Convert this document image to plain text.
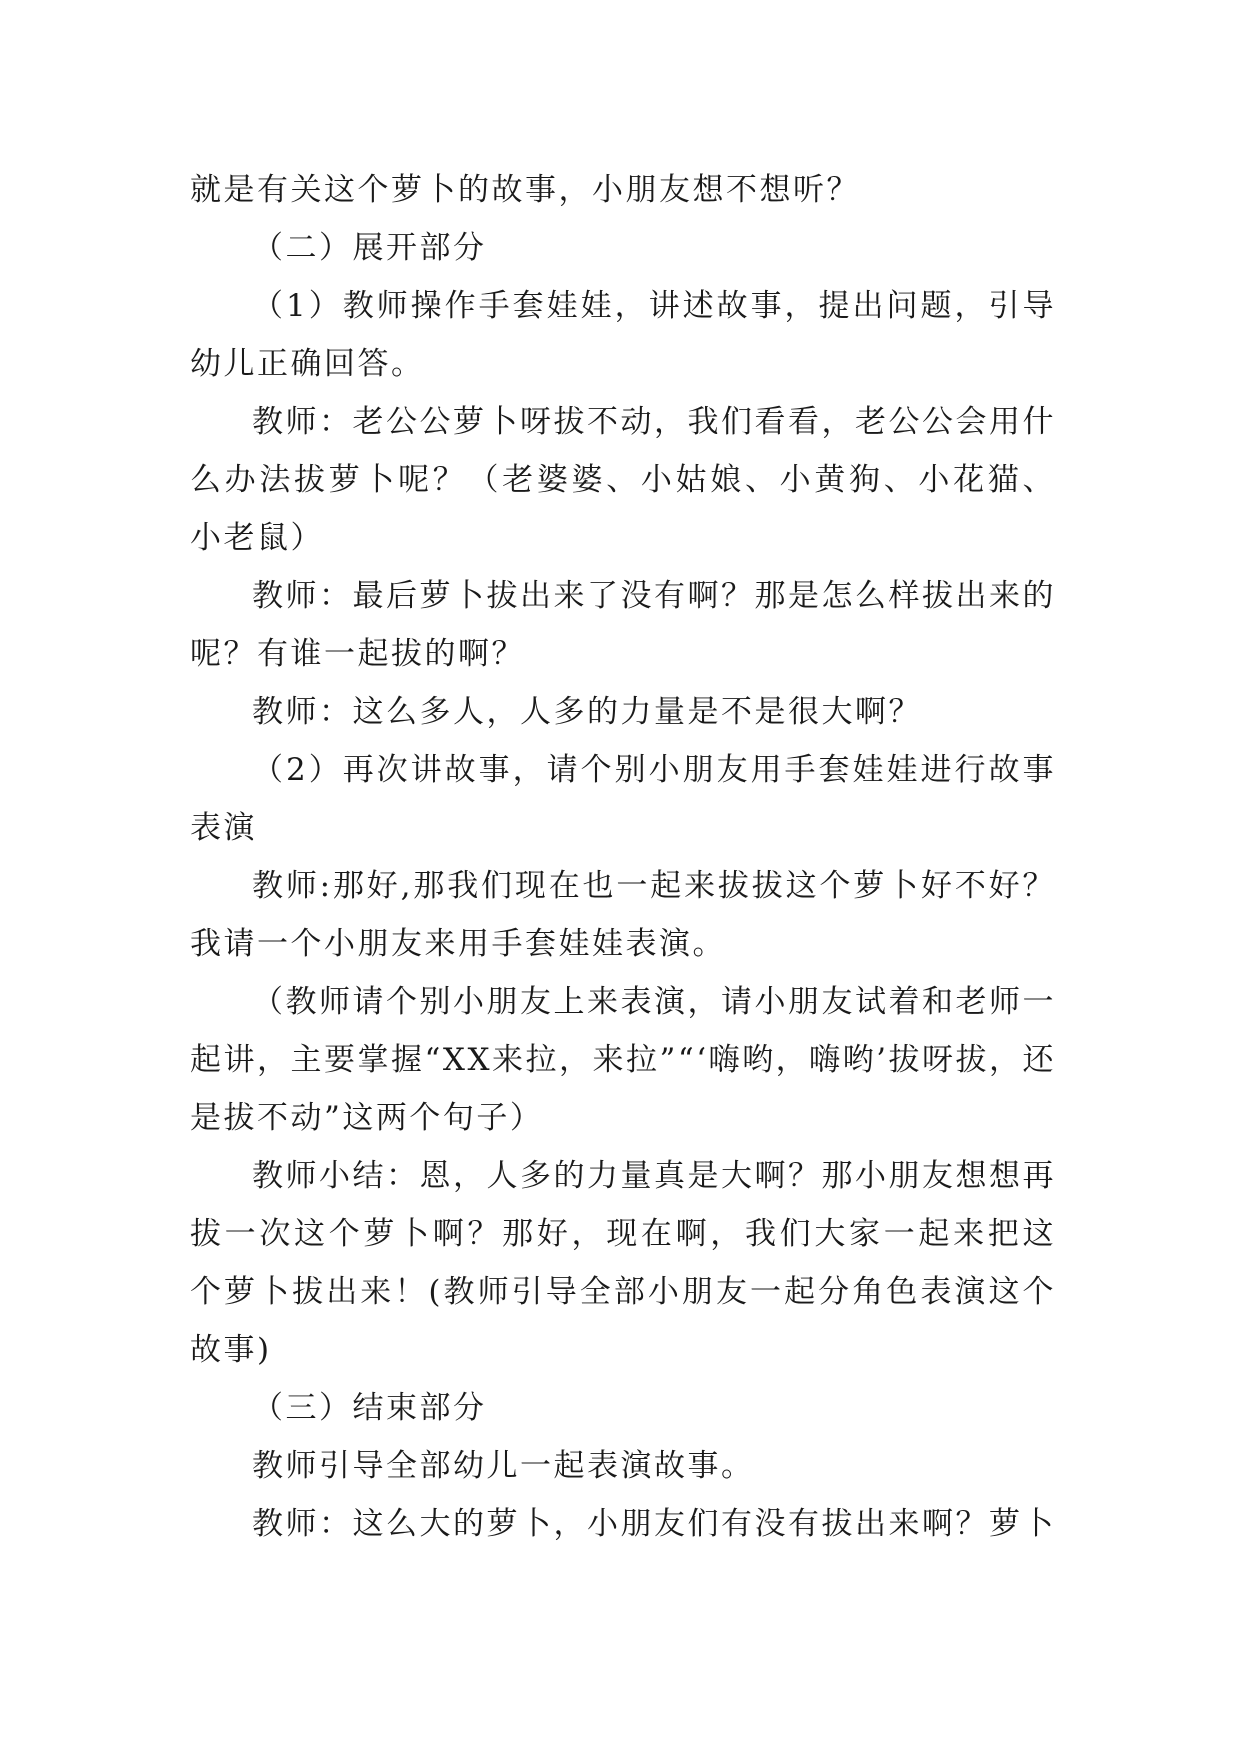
就是有关这个萝卜的故事，小朋友想不想听？

（二）展开部分

（1）教师操作手套娃娃，讲述故事，提出问题，引导幼儿正确回答。

教师：老公公萝卜呀拔不动，我们看看，老公公会用什么办法拔萝卜呢？（老婆婆、小姑娘、小黄狗、小花猫、小老鼠）

教师：最后萝卜拔出来了没有啊？那是怎么样拔出来的呢？有谁一起拔的啊？

教师：这么多人，人多的力量是不是很大啊？

（2）再次讲故事，请个别小朋友用手套娃娃进行故事表演

教师:那好,那我们现在也一起来拔拔这个萝卜好不好？我请一个小朋友来用手套娃娃表演。

（教师请个别小朋友上来表演，请小朋友试着和老师一起讲，主要掌握“XX来拉，来拉”“‘嗨哟，嗨哟’拔呀拔，还是拔不动”这两个句子）

教师小结：恩，人多的力量真是大啊？那小朋友想想再拔一次这个萝卜啊？那好，现在啊，我们大家一起来把这个萝卜拔出来！(教师引导全部小朋友一起分角色表演这个故事)

（三）结束部分

教师引导全部幼儿一起表演故事。

教师：这么大的萝卜，小朋友们有没有拔出来啊？萝卜
